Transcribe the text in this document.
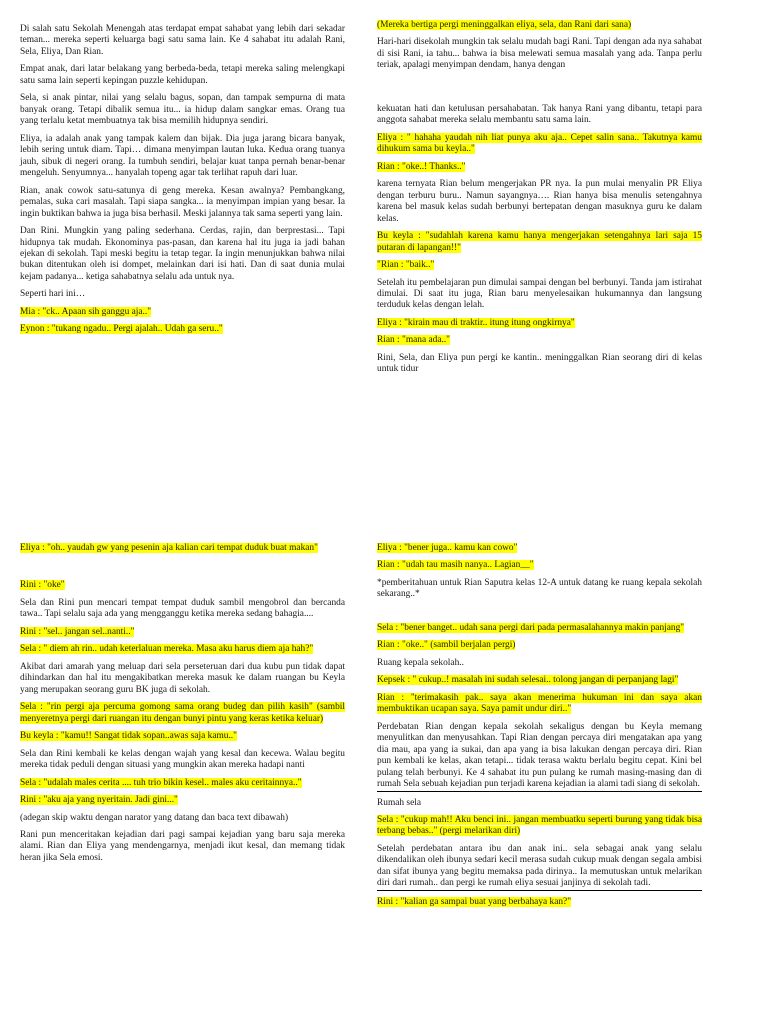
Di salah satu Sekolah Menengah atas terdapat empat sahabat yang lebih dari sekadar teman... mereka seperti keluarga bagi satu sama lain. Ke 4 sahabat itu adalah Rani, Sela, Eliya, Dan Rian.

Empat anak, dari latar belakang yang berbeda-beda, tetapi mereka saling melengkapi satu sama lain seperti kepingan puzzle kehidupan.

Sela, si anak pintar, nilai yang selalu bagus, sopan, dan tampak sempurna di mata banyak orang. Tetapi dibalik semua itu... ia hidup dalam sangkar emas. Orang tua yang terlalu ketat membuatnya tak bisa memilih hidupnya sendiri.

Eliya, ia adalah anak yang tampak kalem dan bijak. Dia juga jarang bicara banyak, lebih sering untuk diam. Tapi… dimana menyimpan lautan luka. Kedua orang tuanya jauh, sibuk di negeri orang. Ia tumbuh sendiri, belajar kuat tanpa pernah benar-benar mengeluh. Senyumnya... hanyalah topeng agar tak terlihat rapuh dari luar.

Rian, anak cowok satu-satunya di geng mereka. Kesan awalnya? Pembangkang, pemalas, suka cari masalah. Tapi siapa sangka... ia menyimpan impian yang besar. Ia ingin buktikan bahwa ia juga bisa berhasil. Meski jalannya tak sama seperti yang lain.

Dan Rini. Mungkin yang paling sederhana. Cerdas, rajin, dan berprestasi... Tapi hidupnya tak mudah. Ekonominya pas-pasan, dan karena hal itu juga ia jadi bahan ejekan di sekolah. Tapi meski begitu ia tetap tegar. Ia ingin menunjukkan bahwa nilai bukan ditentukan oleh isi dompet, melainkan dari isi hati. Dan di saat dunia mulai kejam padanya... ketiga sahabatnya selalu ada untuk nya.

Seperti hari ini…

Mia : "ck.. Apaan sih ganggu aja.."

Eynon : "tukang ngadu.. Pergi ajalah.. Udah ga seru.."

(Mereka bertiga pergi meninggalkan eliya, sela, dan Rani dari sana)

Hari-hari disekolah mungkin tak selalu mudah bagi Rani. Tapi dengan ada nya sahabat di sisi Rani, ia tahu... bahwa ia bisa melewati semua masalah yang ada. Tanpa perlu teriak, apalagi menyimpan dendam, hanya dengan

kekuatan hati dan ketulusan persahabatan. Tak hanya Rani yang dibantu, tetapi para anggota sahabat mereka selalu membantu satu sama lain.

Eliya : " hahaha yaudah nih liat punya aku aja.. Cepet salin sana.. Takutnya kamu dihukum sama bu keyla.."

Rian : "oke..! Thanks.."

karena ternyata Rian belum mengerjakan PR nya. Ia pun mulai menyalin PR Eliya dengan terburu buru.. Namun sayangnya…. Rian hanya bisa menulis setengahnya karena bel masuk kelas sudah berbunyi bertepatan dengan masuknya guru ke dalam kelas.

Bu keyla : "sudahlah karena kamu hanya mengerjakan setengahnya lari saja 15 putaran di lapangan!!"

"Rian : "baik.."

Setelah itu pembelajaran pun dimulai sampai dengan bel berbunyi. Tanda jam istirahat dimulai. Di saat itu juga, Rian baru menyelesaikan hukumannya dan langsung terduduk kelas dengan lelah.

Eliya : "kirain mau di traktir.. itung itung ongkirnya"

Rian : "mana ada.."

Rini, Sela, dan Eliya pun pergi ke kantin.. meninggalkan Rian seorang diri di kelas untuk tidur

Eliya : "oh.. yaudah gw yang pesenin aja kalian cari tempat duduk buat makan"

Rini : "oke"

Sela dan Rini pun mencari tempat tempat duduk sambil mengobrol dan bercanda tawa.. Tapi selalu saja ada yang mengganggu ketika mereka sedang bahagia....

Rini : "sel.. jangan sel..nanti.."

Sela : " diem ah rin.. udah keterlaluan mereka. Masa aku harus diem aja hah?"

Akibat dari amarah yang meluap dari sela perseteruan dari dua kubu pun tidak dapat dihindarkan dan hal itu mengakibatkan mereka masuk ke dalam ruangan bu Keyla yang merupakan seorang guru BK juga di sekolah.

Sela : "rin pergi aja percuma gomong sama orang budeg dan pilih kasih" (sambil menyeretnya pergi dari ruangan itu dengan bunyi pintu yang keras ketika keluar)

Bu keyla : "kamu!! Sangat tidak sopan..awas saja kamu.."

Sela dan Rini kembali ke kelas dengan wajah yang kesal dan kecewa. Walau begitu mereka tidak peduli dengan situasi yang mungkin akan mereka hadapi nanti

Sela : "udalah males cerita .... tuh trio bikin kesel.. males aku ceritainnya.."

Rini : "aku aja yang nyeritain. Jadi gini..."

(adegan skip waktu dengan narator yang datang dan baca text dibawah)

Rani pun menceritakan kejadian dari pagi sampai kejadian yang baru saja mereka alami. Rian dan Eliya yang mendengarnya, menjadi ikut kesal, dan memang tidak heran jika Sela emosi.

Eliya : "bener juga.. kamu kan cowo"

Rian : "udah tau masih nanya.. Lagian__"

*pemberitahuan untuk Rian Saputra kelas 12-A untuk datang ke ruang kepala sekolah sekarang..*

Sela : "bener banget.. udah sana pergi dari pada permasalahannya makin panjang"

Rian : "oke.." (sambil berjalan pergi)

Ruang kepala sekolah..

Kepsek : " cukup..! masalah ini sudah selesai.. tolong jangan di perpanjang lagi"

Rian : "terimakasih pak.. saya akan menerima hukuman ini dan saya akan membuktikan ucapan saya. Saya pamit undur diri.."

Perdebatan Rian dengan kepala sekolah sekaligus dengan bu Keyla memang menyulitkan dan menyusahkan. Tapi Rian dengan percaya diri mengatakan apa yang dia mau, apa yang ia sukai, dan apa yang ia bisa lakukan dengan percaya diri. Rian pun kembali ke kelas, akan tetapi... tidak terasa waktu berlalu begitu cepat. Kini bel pulang telah berbunyi. Ke 4 sahabat itu pun pulang ke rumah masing-masing dan di rumah Sela sebuah kejadian pun terjadi karena kejadian ia alami tadi siang di sekolah.

Rumah sela

Sela : "cukup mah!! Aku benci ini.. jangan membuatku seperti burung yang tidak bisa terbang bebas.." (pergi melarikan diri)

Setelah perdebatan antara ibu dan anak ini.. sela sebagai anak yang selalu dikendalikan oleh ibunya sedari kecil merasa sudah cukup muak dengan segala ambisi dan sifat ibunya yang begitu memaksa pada dirinya.. Ia memutuskan untuk melarikan diri dari rumah.. dan pergi ke rumah eliya sesuai janjinya di sekolah tadi.

Rini : "kalian ga sampai buat yang berbahaya kan?"
